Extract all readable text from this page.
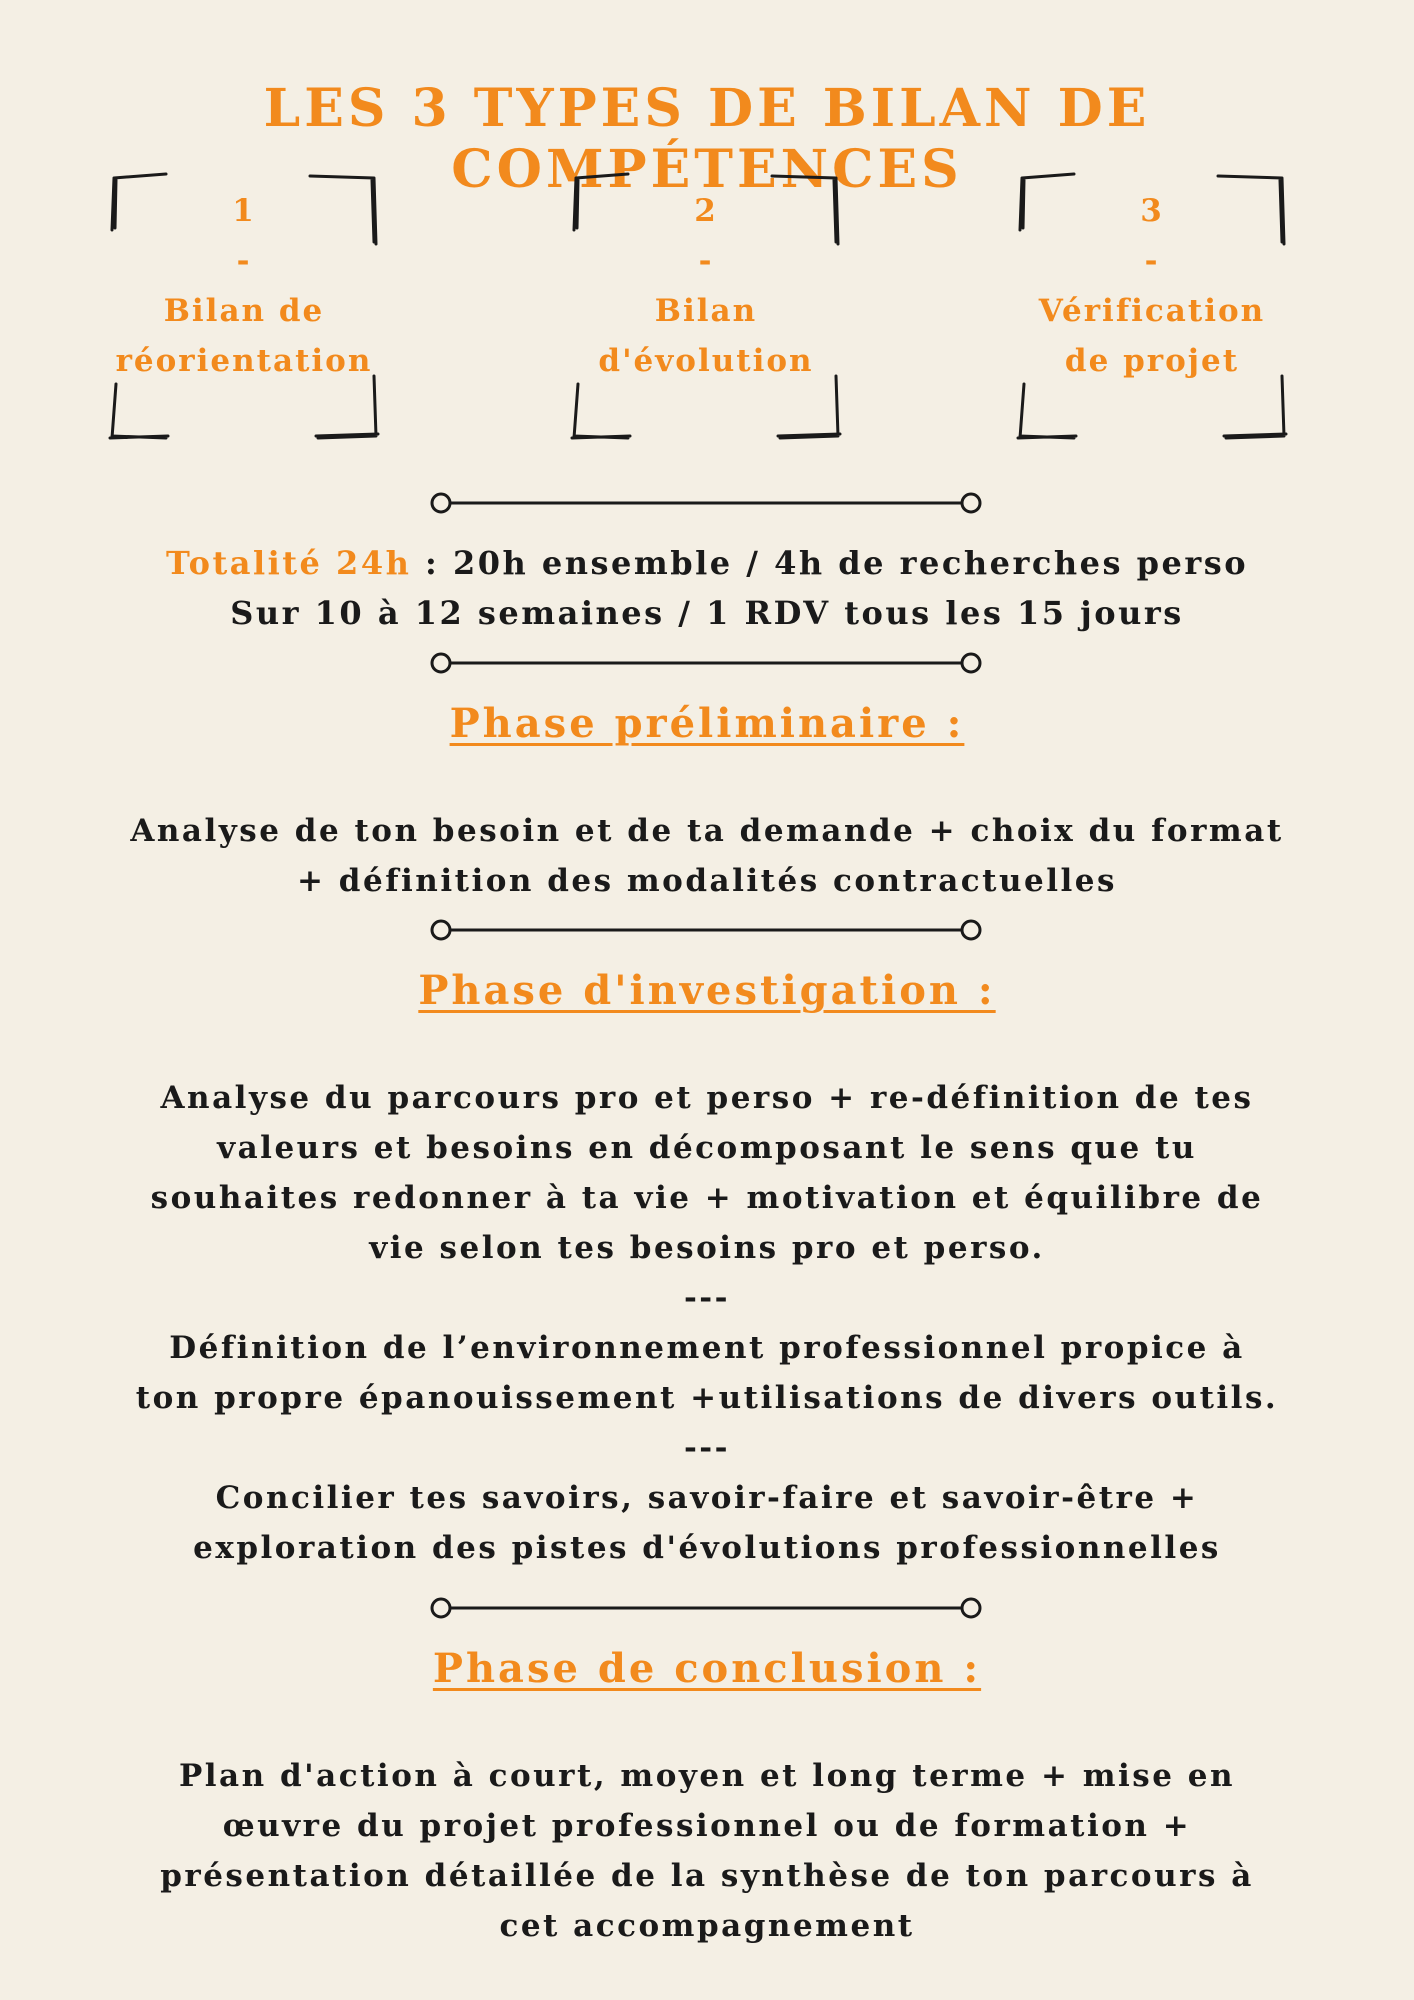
LES 3 TYPES DE BILAN DE COMPÉTENCES
1
-
Bilan de
réorientation
2
-
Bilan
d'évolution
3
-
Vérification
de projet
Totalité 24h : 20h ensemble / 4h de recherches perso
Sur 10 à 12 semaines / 1 RDV tous les 15 jours
Phase préliminaire :
Analyse de ton besoin et de ta demande + choix du format
+ définition des modalités contractuelles
Phase d'investigation :
Analyse du parcours pro et perso + re-définition de tes
valeurs et besoins en décomposant le sens que tu
souhaites redonner à ta vie + motivation et équilibre de
vie selon tes besoins pro et perso.
---
Définition de l’environnement professionnel propice à
ton propre épanouissement +utilisations de divers outils.
---
Concilier tes savoirs, savoir-faire et savoir-être +
exploration des pistes d'évolutions professionnelles
Phase de conclusion :
Plan d'action à court, moyen et long terme + mise en
œuvre du projet professionnel ou de formation +
présentation détaillée de la synthèse de ton parcours à
cet accompagnement
